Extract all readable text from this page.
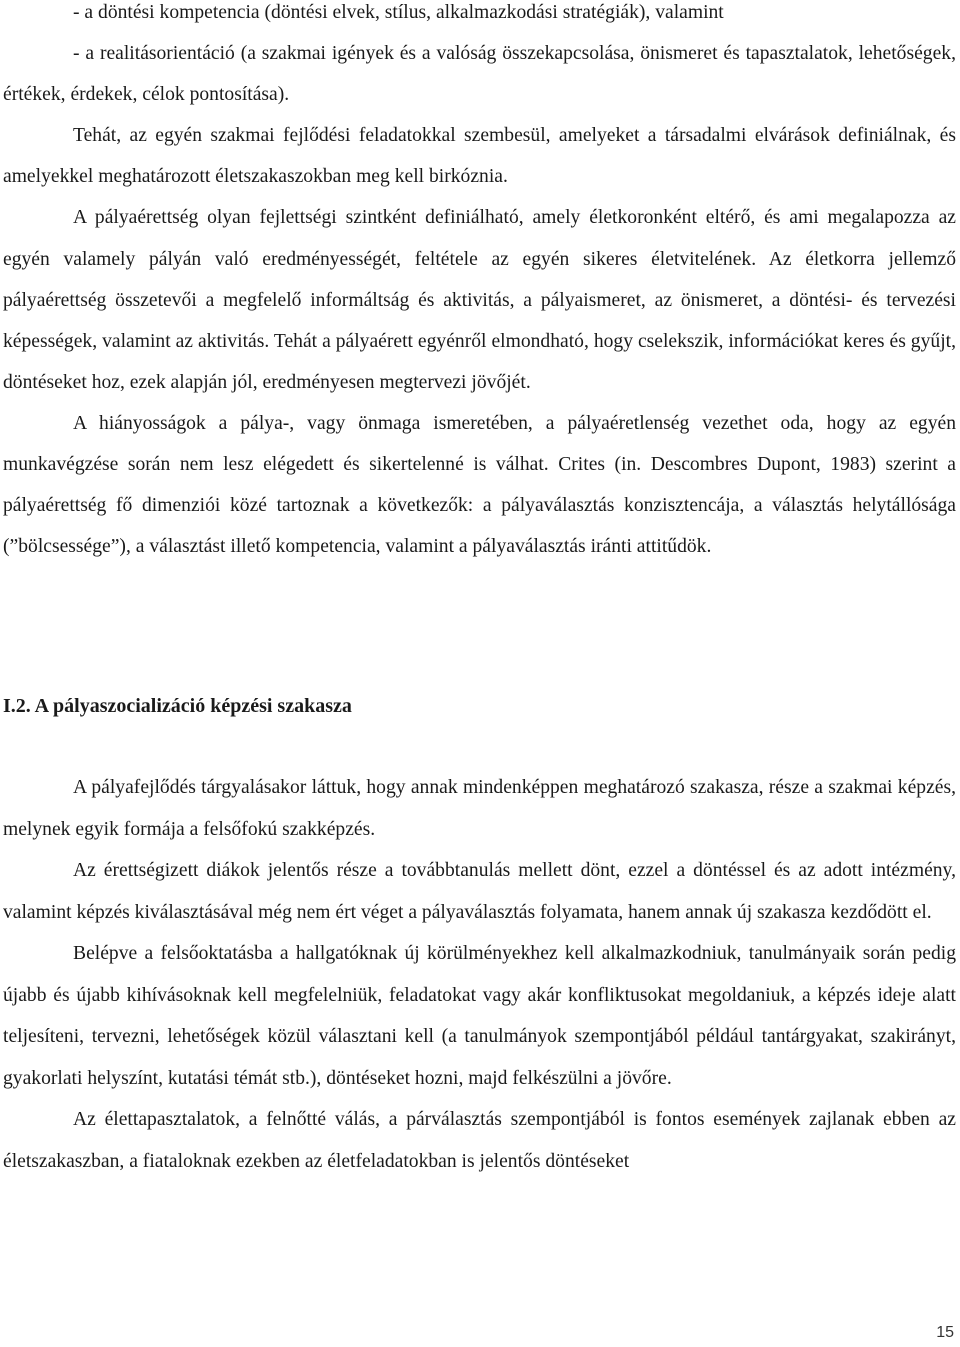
- a döntési kompetencia (döntési elvek, stílus, alkalmazkodási stratégiák), valamint

- a realitásorientáció (a szakmai igények és a valóság összekapcsolása, önismeret és tapasztalatok, lehetőségek, értékek, érdekek, célok pontosítása).

Tehát, az egyén szakmai fejlődési feladatokkal szembesül, amelyeket a társadalmi elvárások definiálnak, és amelyekkel meghatározott életszakaszokban meg kell birkóznia.

A pályaérettség olyan fejlettségi szintként definiálható, amely életkoronként eltérő, és ami megalapozza az egyén valamely pályán való eredményességét, feltétele az egyén sikeres életvitelének. Az életkorra jellemző pályaérettség összetevői a megfelelő informáltság és aktivitás, a pályaismeret, az önismeret, a döntési- és tervezési képességek, valamint az aktivitás. Tehát a pályaérett egyénről elmondható, hogy cselekszik, információkat keres és gyűjt, döntéseket hoz, ezek alapján jól, eredményesen megtervezi jövőjét.

A hiányosságok a pálya-, vagy önmaga ismeretében, a pályaéretlenség vezethet oda, hogy az egyén munkavégzése során nem lesz elégedett és sikertelenné is válhat. Crites (in. Descombres Dupont, 1983) szerint a pályaérettség fő dimenziói közé tartoznak a következők: a pályaválasztás konzisztencája, a választás helytállósága (”bölcsessége”), a választást illető kompetencia, valamint a pályaválasztás iránti attitűdök.

I.2. A pályaszocializáció képzési szakasza

A pályafejlődés tárgyalásakor láttuk, hogy annak mindenképpen meghatározó szakasza, része a szakmai képzés, melynek egyik formája a felsőfokú szakképzés.

Az érettségizett diákok jelentős része a továbbtanulás mellett dönt, ezzel a döntéssel és az adott intézmény, valamint képzés kiválasztásával még nem ért véget a pályaválasztás folyamata, hanem annak új szakasza kezdődött el.

Belépve a felsőoktatásba a hallgatóknak új körülményekhez kell alkalmazkodniuk, tanulmányaik során pedig újabb és újabb kihívásoknak kell megfelelniük, feladatokat vagy akár konfliktusokat megoldaniuk, a képzés ideje alatt teljesíteni, tervezni, lehetőségek közül választani kell (a tanulmányok szempontjából például tantárgyakat, szakirányt, gyakorlati helyszínt, kutatási témát stb.), döntéseket hozni, majd felkészülni a jövőre.

Az élettapasztalatok, a felnőtté válás, a párválasztás szempontjából is fontos események zajlanak ebben az életszakaszban, a fiataloknak ezekben az életfeladatokban is jelentős döntéseket

15
